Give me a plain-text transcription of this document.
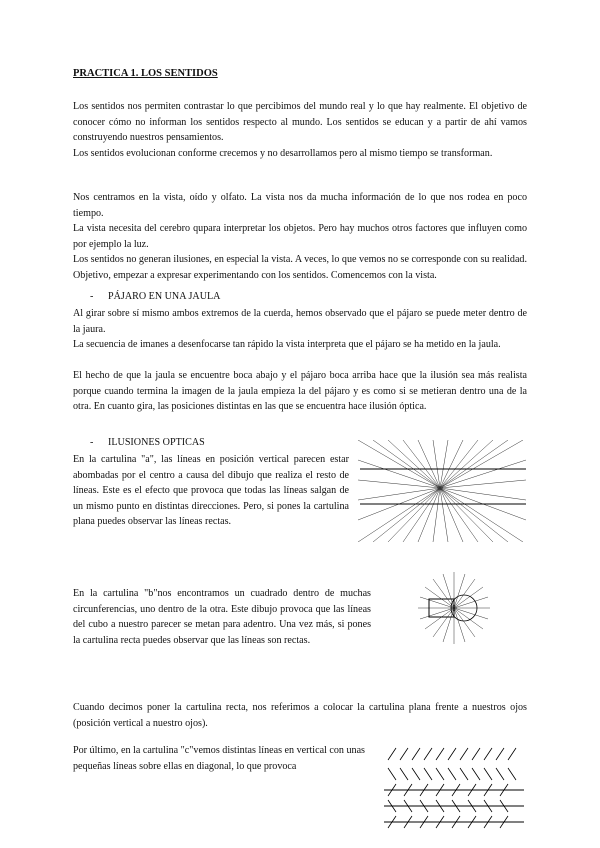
PRACTICA 1. LOS SENTIDOS

Los sentidos nos permiten contrastar lo que percibimos del mundo real y lo que hay realmente. El objetivo de conocer cómo no informan los sentidos respecto al mundo. Los sentidos se educan y a partir de ahí vamos construyendo nuestros pensamientos.

Los sentidos evolucionan conforme crecemos y no desarrollamos pero al mismo tiempo se transforman.

Nos centramos en la vista, oído y olfato. La vista nos da mucha información de lo que nos rodea en poco tiempo.

La vista necesita del cerebro qupara interpretar los objetos. Pero hay muchos otros factores que influyen como por ejemplo la luz.

Los sentidos no generan ilusiones, en especial la vista. A veces, lo que vemos no se corresponde con su realidad. Objetivo, empezar a expresar experimentando con los sentidos. Comencemos con la vista.

- PÁJARO EN UNA JAULA

Al girar sobre sí mismo ambos extremos de la cuerda, hemos observado que el pájaro se puede meter dentro de la jaura.

La secuencia de imanes a desenfocarse tan rápido la vista interpreta que el pájaro se ha metido en la jaula.

El hecho de que la jaula se encuentre boca abajo y el pájaro boca arriba hace que la ilusión sea más realista porque cuando termina la imagen de la jaula empieza la del pájaro y es como si se metieran dentro una de la otra. En cuanto gira, las posiciones distintas en las que se encuentra hace ilusión óptica.

- ILUSIONES OPTICAS

En la cartulina "a", las líneas en posición vertical parecen estar abombadas por el centro a causa del dibujo que realiza el resto de líneas. Este es el efecto que provoca que todas las líneas salgan de un mismo punto en distintas direcciones. Pero, si pones la cartulina plana puedes observar las líneas rectas.

En la cartulina "b"nos encontramos un cuadrado dentro de muchas circunferencias, uno dentro de la otra. Este dibujo provoca que las líneas del cubo a nuestro parecer se metan para adentro. Una vez más, si pones la cartulina recta puedes observar que las líneas son rectas.

Cuando decimos poner la cartulina recta, nos referimos a colocar la cartulina plana frente a nuestros ojos (posición vertical a nuestro ojos).

Por último, en la cartulina "c"vemos distintas líneas en vertical con unas pequeñas líneas sobre ellas en diagonal, lo que provoca
